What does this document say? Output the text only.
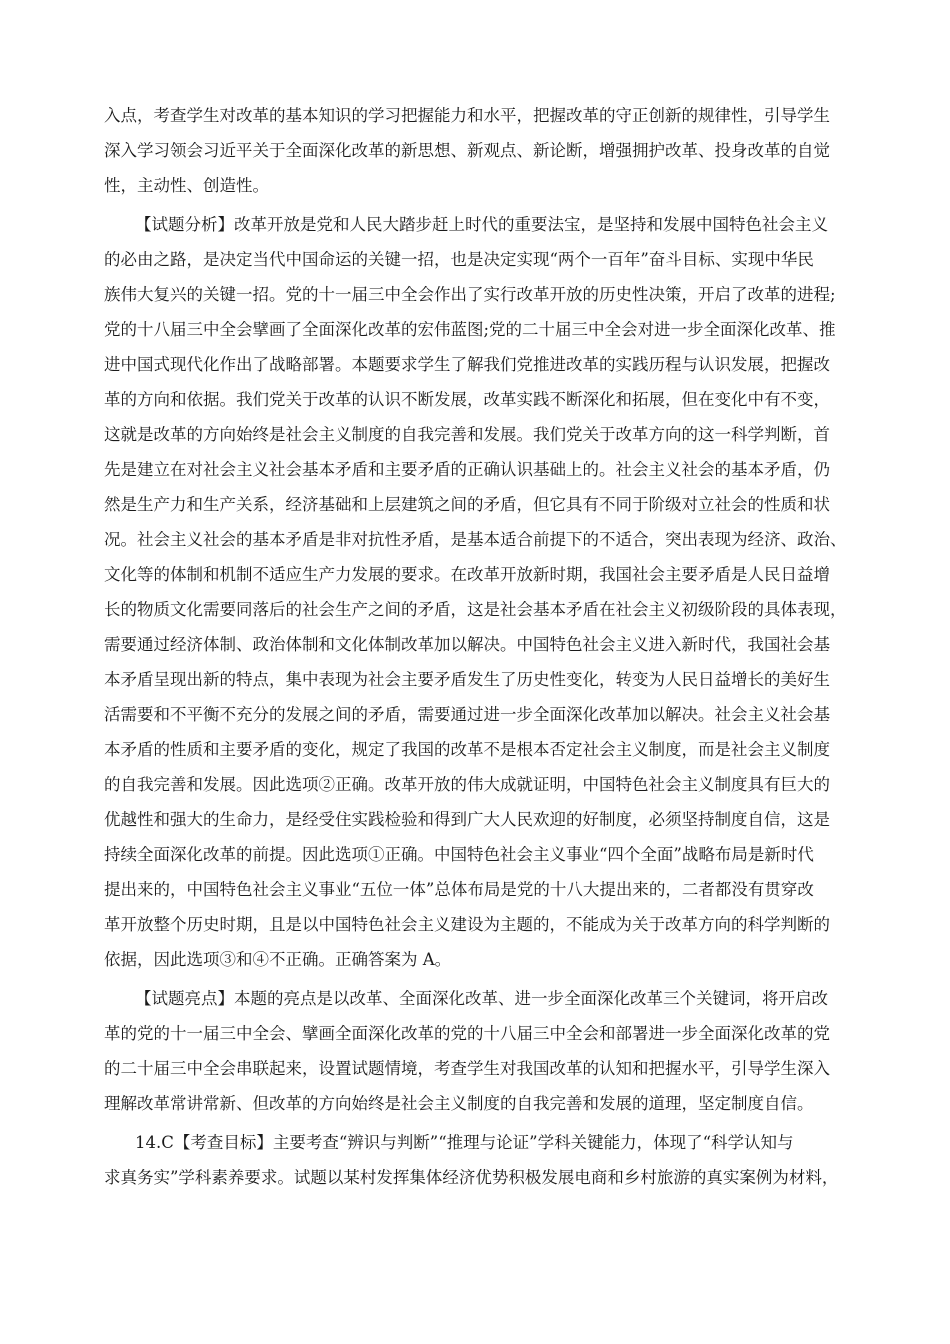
入点，考查学生对改革的基本知识的学习把握能力和水平，把握改革的守正创新的规律性，引导学生

深入学习领会习近平关于全面深化改革的新思想、新观点、新论断，增强拥护改革、投身改革的自觉

性，主动性、创造性。

【试题分析】改革开放是党和人民大踏步赶上时代的重要法宝，是坚持和发展中国特色社会主义

的必由之路，是决定当代中国命运的关键一招，也是决定实现“两个一百年”奋斗目标、实现中华民

族伟大复兴的关键一招。党的十一届三中全会作出了实行改革开放的历史性决策，开启了改革的进程;

党的十八届三中全会擘画了全面深化改革的宏伟蓝图;党的二十届三中全会对进一步全面深化改革、推

进中国式现代化作出了战略部署。本题要求学生了解我们党推进改革的实践历程与认识发展，把握改

革的方向和依据。我们党关于改革的认识不断发展，改革实践不断深化和拓展，但在变化中有不变，

这就是改革的方向始终是社会主义制度的自我完善和发展。我们党关于改革方向的这一科学判断，首

先是建立在对社会主义社会基本矛盾和主要矛盾的正确认识基础上的。社会主义社会的基本矛盾，仍

然是生产力和生产关系，经济基础和上层建筑之间的矛盾，但它具有不同于阶级对立社会的性质和状

况。社会主义社会的基本矛盾是非对抗性矛盾，是基本适合前提下的不适合，突出表现为经济、政治、

文化等的体制和机制不适应生产力发展的要求。在改革开放新时期，我国社会主要矛盾是人民日益增

长的物质文化需要同落后的社会生产之间的矛盾，这是社会基本矛盾在社会主义初级阶段的具体表现，

需要通过经济体制、政治体制和文化体制改革加以解决。中国特色社会主义进入新时代，我国社会基

本矛盾呈现出新的特点，集中表现为社会主要矛盾发生了历史性变化，转变为人民日益增长的美好生

活需要和不平衡不充分的发展之间的矛盾，需要通过进一步全面深化改革加以解决。社会主义社会基

本矛盾的性质和主要矛盾的变化，规定了我国的改革不是根本否定社会主义制度，而是社会主义制度

的自我完善和发展。因此选项②正确。改革开放的伟大成就证明，中国特色社会主义制度具有巨大的

优越性和强大的生命力，是经受住实践检验和得到广大人民欢迎的好制度，必须坚持制度自信，这是

持续全面深化改革的前提。因此选项①正确。中国特色社会主义事业“四个全面”战略布局是新时代

提出来的，中国特色社会主义事业“五位一体”总体布局是党的十八大提出来的，二者都没有贯穿改

革开放整个历史时期，且是以中国特色社会主义建设为主题的，不能成为关于改革方向的科学判断的

依据，因此选项③和④不正确。正确答案为 A。

【试题亮点】本题的亮点是以改革、全面深化改革、进一步全面深化改革三个关键词，将开启改

革的党的十一届三中全会、擘画全面深化改革的党的十八届三中全会和部署进一步全面深化改革的党

的二十届三中全会串联起来，设置试题情境，考查学生对我国改革的认知和把握水平，引导学生深入

理解改革常讲常新、但改革的方向始终是社会主义制度的自我完善和发展的道理，坚定制度自信。

14.C【考查目标】主要考查“辨识与判断”“推理与论证”学科关键能力，体现了“科学认知与

求真务实”学科素养要求。试题以某村发挥集体经济优势积极发展电商和乡村旅游的真实案例为材料，
